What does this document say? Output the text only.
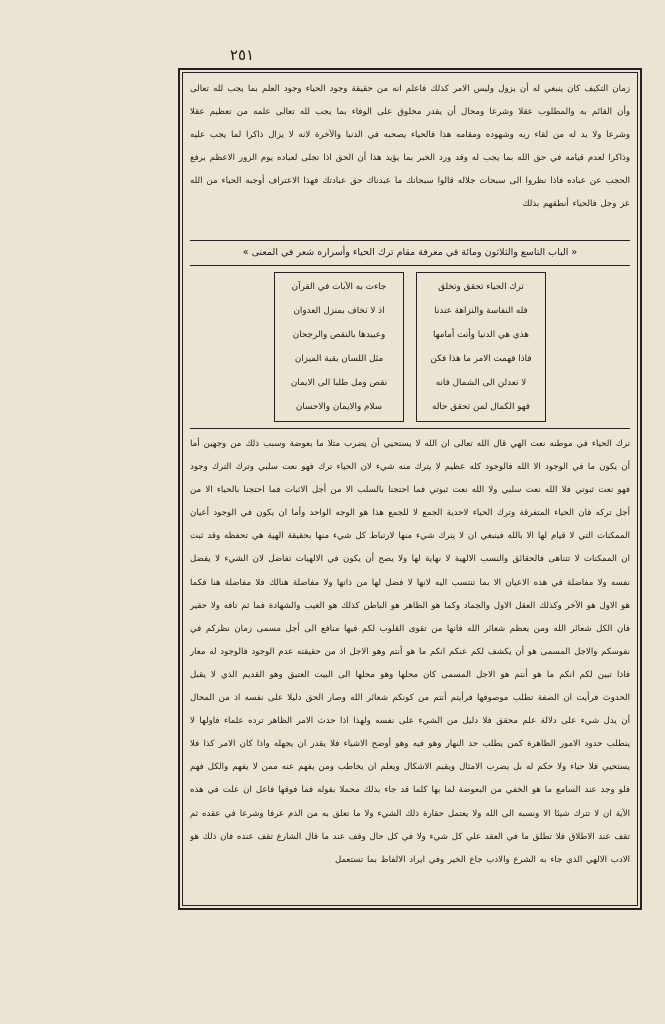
٢٥١
زمان التكيف كان ينبغي له أن يزول وليس الامر كذلك فاعلم انه من حقيقة وجود الحياء وجود العلم بما يجب لله تعالى وأن القائم به والمطلوب عقلا وشرعا ومحال أن يقدر مخلوق على الوفاء بما يجب لله تعالى علمه من تعظيم عقلا وشرعا ولا بد له من لقاء ربه وشهوده ومقامه هذا فالحياء يصحبه في الدنيا والآخرة لانه لا يزال ذاكرا لما يجب عليه وذاكرا لعدم قيامه في حق الله بما يجب له وقد ورد الخبر بما يؤيد هذا أن الحق اذا تجلى لعباده يوم الزور الاعظم برفع الحجب عن عباده فاذا نظروا الى سبحات جلاله قالوا سبحانك ما عبدناك حق عبادتك فهذا الاعتراف أوجبه الحياء من الله عز وجل فالحياء أنطقهم بذلك
« الباب التاسع والثلاثون ومائة في معرفة مقام ترك الحياء وأسراره شعر في المعنى »
ترك الحياء تحقق وتخلق
فله النفاسة والنزاهة عندنا
هذي هي الدنيا وأنت أمامها
فاذا فهمت الامر ما هذا فكن
لا تعدلن الى الشمال فانه
فهو الكمال لمن تحقق حاله
جاءت به الآيات في القرآن
اذ لا تخاف بمنزل العدوان
وعبيدها بالنقص والرجحان
مثل اللسان بقبة الميزان
نقص ومل طلبا الى الايمان
سلام والايمان والاحسان
ترك الحياء في موطنه نعت الهي قال الله تعالى ان الله لا يستحيي أن يضرب مثلا ما بعوضة وسبب ذلك من وجهين أما أن يكون ما في الوجود الا الله فالوجود كله عظيم لا يترك منه شيء لان الحياء ترك فهو نعت سلبي وترك الترك وجود فهو نعت ثبوتي فلا الله نعت سلبي ولا الله نعت ثبوتي فما احتجنا بالسلب الا من أجل الاثبات فما احتجنا بالحياء الا من أجل تركه فان الحياء المتفرقة وترك الحياء لاحدية الجمع لا للجمع هذا هو الوجه الواحد وأما ان يكون في الوجود أعيان الممكنات التي لا قيام لها الا بالله فينبغي ان لا يترك شيء منها لارتباط كل شيء منها بحقيقة الهية هي تحفظه وقد ثبت ان الممكنات لا تتناهى فالحقائق والنسب الالهية لا نهاية لها ولا يصح أن يكون في الالهيات تفاضل لان الشيء لا يفضل نفسه ولا مفاضلة في هذه الاعيان الا بما تنتسب اليه لانها لا فضل لها من ذاتها ولا مفاضلة هنالك فلا مفاضلة هنا فكما هو الاول هو الآخر وكذلك العقل الاول والجماد وكما هو الظاهر هو الباطن كذلك هو الغيب والشهادة فما ثم تافه ولا حقير فان الكل شعائر الله ومن يعظم شعائر الله فانها من تقوى القلوب لكم فيها منافع الى أجل مسمى زمان نظركم في نفوسكم والاجل المسمى هو أن يكشف لكم عنكم انكم ما هو أنتم وهو الاجل اذ من حقيقته عدم الوجود فالوجود له معار فاذا تبين لكم انكم ما هو أنتم هو الاجل المسمى كان محلها وهو محلها الى البيت العتيق وهو القديم الذي لا يقبل الحدوث فرأيت ان الصفة تطلب موصوفها فرأيتم أنتم من كونكم شعائر الله وصار الحق دليلا على نفسه اذ من المحال أن يدل شيء على دلالة علم محقق فلا دليل من الشيء على نفسه ولهذا اذا حدث الامر الظاهر ترده علماء فاولها لا ينطلب حدود الامور الظاهرة كمن يطلب حد النهار وهو فيه وهو أوضح الاشياء فلا يقدر ان يجهله واذا كان الامر كذا فلا يستحيي فلا حياء ولا حكم له بل يضرب الامثال ويقيم الاشكال ويعلم ان يخاطب ومن يفهم عنه ممن لا يفهم والكل فهم فلو وجد عند السامع ما هو الخفي من البعوضة لما بها كلما قد جاء بذلك محملا بقوله فما فوقها فاعل ان علت في هذه الآية ان لا تترك شيئا الا ونسبه الى الله ولا يعتمل حقارة ذلك الشيء ولا ما تعلق به من الذم عرفا وشرعا في عقده ثم تقف عند الاطلاق فلا تطلق ما في العقد علي كل شيء ولا في كل حال وقف عند ما قال الشارع تقف عنده فان ذلك هو الادب الالهي الذي جاء به الشرع والادب جاع الخير وفي ايراد الالفاظ بما تستعمل
